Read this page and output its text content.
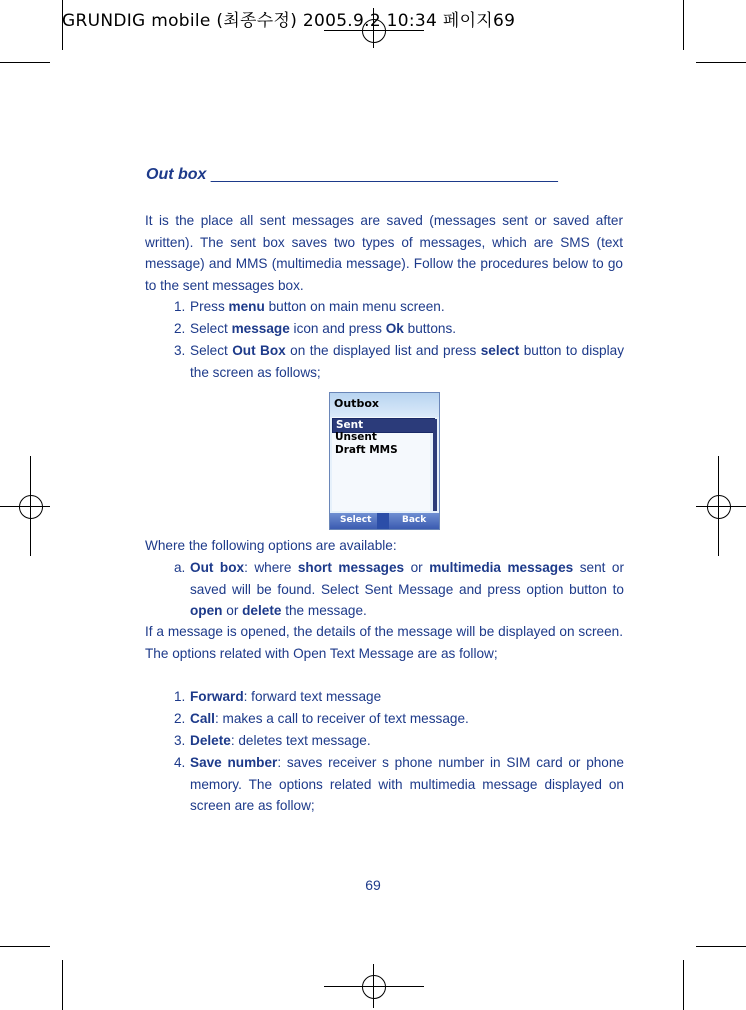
GRUNDIG mobile (최종수정) 2005.9.2 10:34 페이지69
Out box _______________________________________

It is the place all sent messages are saved (messages sent or saved after written). The sent box saves two types of messages, which are SMS (text message) and MMS (multimedia message). Follow the procedures below to go to the sent messages box.

1. Press menu button on main menu screen.
2. Select message icon and press Ok buttons.
3. Select Out Box on the displayed list and press select button to display the screen as follows;
Outbox
Sent
Unsent
Draft MMS
Select	Back
Where the following options are available:
a. Out box: where short messages or multimedia messages sent or saved will be found. Select Sent Message and press option button to open or delete the message.

If a message is opened, the details of the message will be displayed on screen. The options related with Open Text Message are as follow;

1. Forward: forward text message
2. Call: makes a call to receiver of text message.
3. Delete: deletes text message.
4. Save number: saves receiver s phone number in SIM card or phone memory. The options related with multimedia message displayed on screen are as follow;
69
